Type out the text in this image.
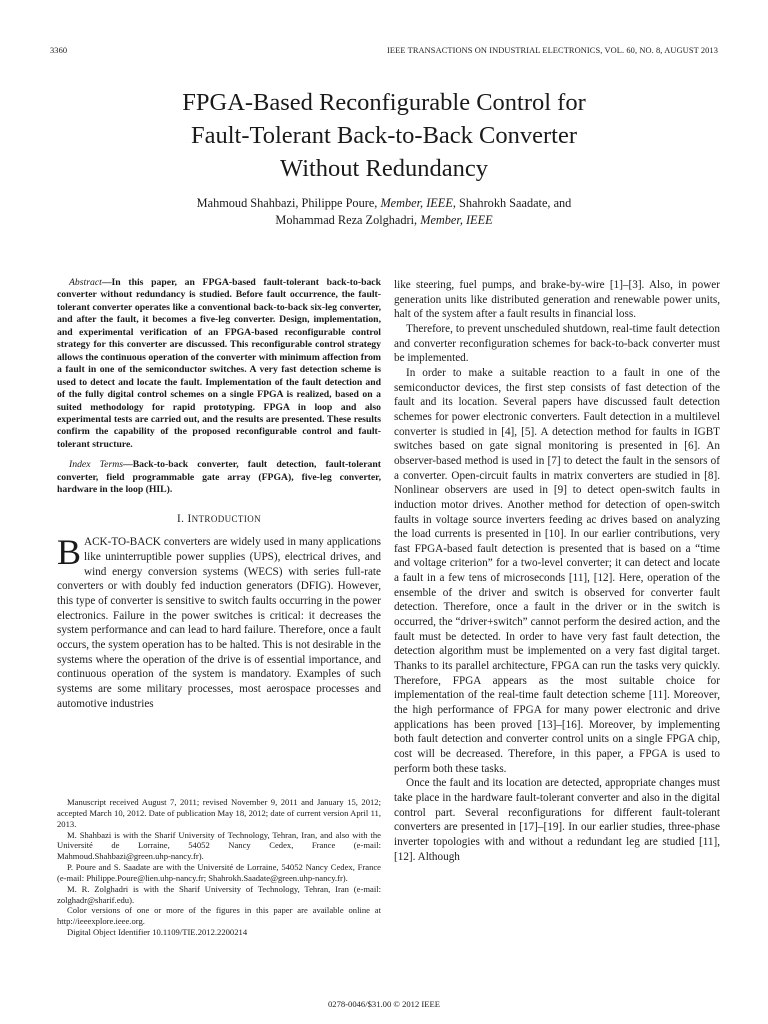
3360	IEEE TRANSACTIONS ON INDUSTRIAL ELECTRONICS, VOL. 60, NO. 8, AUGUST 2013
FPGA-Based Reconfigurable Control for
Fault-Tolerant Back-to-Back Converter
Without Redundancy
Mahmoud Shahbazi, Philippe Poure, Member, IEEE, Shahrokh Saadate, and
Mohammad Reza Zolghadri, Member, IEEE

Abstract—In this paper, an FPGA-based fault-tolerant back-to-back converter without redundancy is studied. Before fault occurrence, the fault-tolerant converter operates like a conventional back-to-back six-leg converter, and after the fault, it becomes a five-leg converter. Design, implementation, and experimental verification of an FPGA-based reconfigurable control strategy for this converter are discussed. This reconfigurable control strategy allows the continuous operation of the converter with minimum affection from a fault in one of the semiconductor switches. A very fast detection scheme is used to detect and locate the fault. Implementation of the fault detection and of the fully digital control schemes on a single FPGA is realized, based on a suited methodology for rapid prototyping. FPGA in loop and also experimental tests are carried out, and the results are presented. These results confirm the capability of the proposed reconfigurable control and fault-tolerant structure.

Index Terms—Back-to-back converter, fault detection, fault-tolerant converter, field programmable gate array (FPGA), five-leg converter, hardware in the loop (HIL).

I. INTRODUCTION

BACK-TO-BACK converters are widely used in many applications like uninterruptible power supplies (UPS), electrical drives, and wind energy conversion systems (WECS) with series full-rate converters or with doubly fed induction generators (DFIG). However, this type of converter is sensitive to switch faults occurring in the power electronics. Failure in the power switches is critical: it decreases the system performance and can lead to hard failure. Therefore, once a fault occurs, the system operation has to be halted. This is not desirable in the systems where the operation of the drive is of essential importance, and continuous operation of the system is mandatory. Examples of such systems are some military processes, most aerospace processes and automotive industries

Manuscript received August 7, 2011; revised November 9, 2011 and January 15, 2012; accepted March 10, 2012. Date of publication May 18, 2012; date of current version April 11, 2013.

M. Shahbazi is with the Sharif University of Technology, Tehran, Iran, and also with the Université de Lorraine, 54052 Nancy Cedex, France (e-mail: Mahmoud.Shahbazi@green.uhp-nancy.fr).

P. Poure and S. Saadate are with the Université de Lorraine, 54052 Nancy Cedex, France (e-mail: Philippe.Poure@lien.uhp-nancy.fr; Shahrokh.Saadate@green.uhp-nancy.fr).

M. R. Zolghadri is with the Sharif University of Technology, Tehran, Iran (e-mail: zolghadr@sharif.edu).

Color versions of one or more of the figures in this paper are available online at http://ieeexplore.ieee.org.

Digital Object Identifier 10.1109/TIE.2012.2200214

like steering, fuel pumps, and brake-by-wire [1]–[3]. Also, in power generation units like distributed generation and renewable power units, halt of the system after a fault results in financial loss.

Therefore, to prevent unscheduled shutdown, real-time fault detection and converter reconfiguration schemes for back-to-back converter must be implemented.

In order to make a suitable reaction to a fault in one of the semiconductor devices, the first step consists of fast detection of the fault and its location. Several papers have discussed fault detection schemes for power electronic converters. Fault detection in a multilevel converter is studied in [4], [5]. A detection method for faults in IGBT switches based on gate signal monitoring is presented in [6]. An observer-based method is used in [7] to detect the fault in the sensors of a converter. Open-circuit faults in matrix converters are studied in [8]. Nonlinear observers are used in [9] to detect open-switch faults in induction motor drives. Another method for detection of open-switch faults in voltage source inverters feeding ac drives based on analyzing the load currents is presented in [10]. In our earlier contributions, very fast FPGA-based fault detection is presented that is based on a “time and voltage criterion” for a two-level converter; it can detect and locate a fault in a few tens of microseconds [11], [12]. Here, operation of the ensemble of the driver and switch is observed for converter fault detection. Therefore, once a fault in the driver or in the switch is occurred, the “driver+switch” cannot perform the desired action, and the fault must be detected. In order to have very fast fault detection, the detection algorithm must be implemented on a very fast digital target. Thanks to its parallel architecture, FPGA can run the tasks very quickly. Therefore, FPGA appears as the most suitable choice for implementation of the real-time fault detection scheme [11]. Moreover, the high performance of FPGA for many power electronic and drive applications has been proved [13]–[16]. Moreover, by implementing both fault detection and converter control units on a single FPGA chip, cost will be decreased. Therefore, in this paper, a FPGA is used to perform both these tasks.

Once the fault and its location are detected, appropriate changes must take place in the hardware fault-tolerant converter and also in the digital control part. Several reconfigurations for different fault-tolerant converters are presented in [17]–[19]. In our earlier studies, three-phase inverter topologies with and without a redundant leg are studied [11], [12]. Although

0278-0046/$31.00 © 2012 IEEE
